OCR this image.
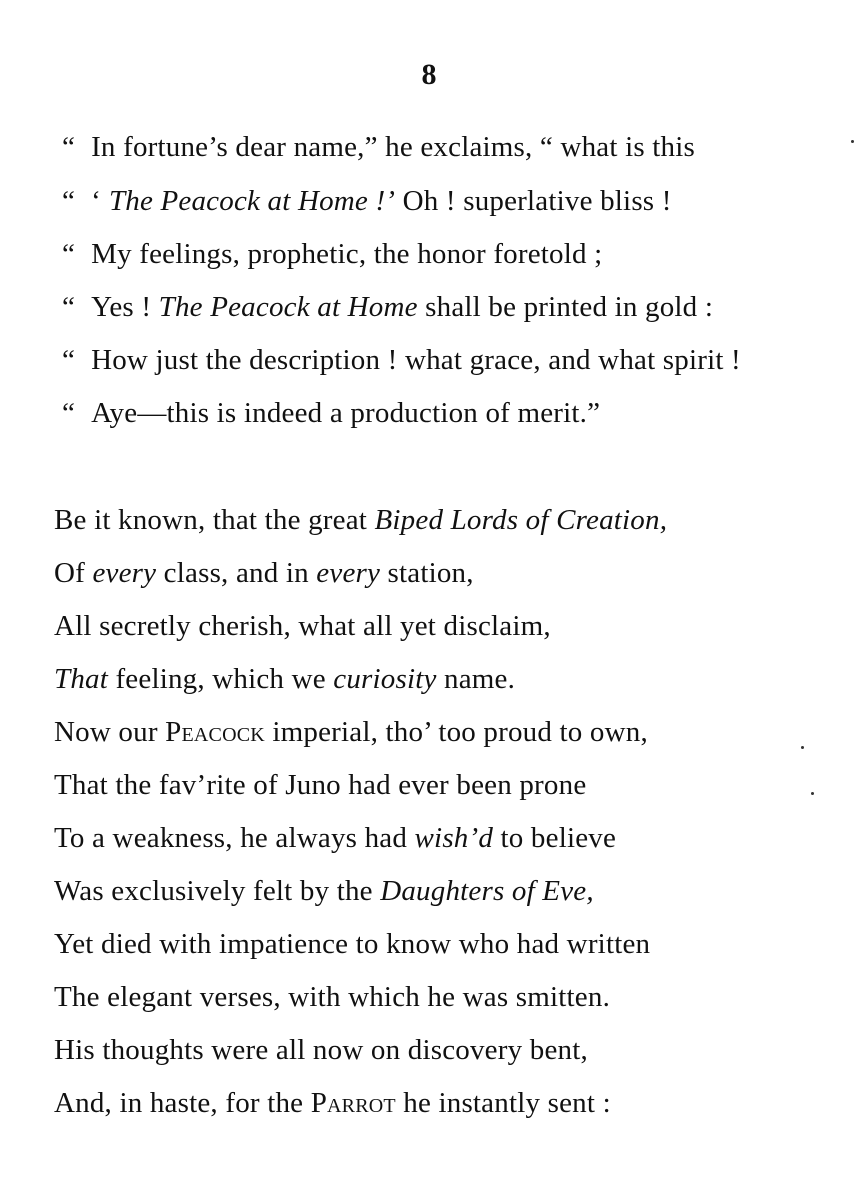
8
“ In fortune’s dear name,” he exclaims, “ what is this
“ ‘ The Peacock at Home !’ Oh ! superlative bliss !
“ My feelings, prophetic, the honor foretold ;
“ Yes ! The Peacock at Home shall be printed in gold :
“ How just the description ! what grace, and what spirit !
“ Aye—this is indeed a production of merit.”
Be it known, that the great Biped Lords of Creation,
Of every class, and in every station,
All secretly cherish, what all yet disclaim,
That feeling, which we curiosity name.
Now our Peacock imperial, tho’ too proud to own,
That the fav’rite of Juno had ever been prone
To a weakness, he always had wish’d to believe
Was exclusively felt by the Daughters of Eve,
Yet died with impatience to know who had written
The elegant verses, with which he was smitten.
His thoughts were all now on discovery bent,
And, in haste, for the Parrot he instantly sent :
